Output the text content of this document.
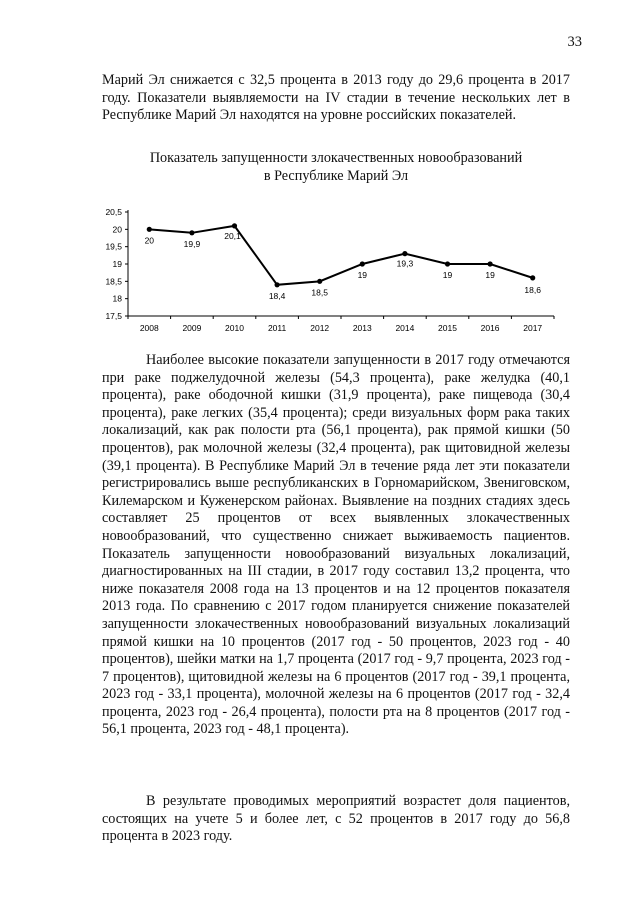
33

Марий Эл снижается с 32,5 процента в 2013 году до 29,6 процента в 2017 году. Показатели выявляемости на IV стадии в течение нескольких лет в Республике Марий Эл находятся на уровне российских показателей.

Показатель запущенности злокачественных новообразований
в Республике Марий Эл
17,5
18
18,5
19
19,5
20
20,5
2008	2009	2010	2011	2012	2013	2014	2015	2016	2017
20	19,9
20,1
18,4	18,5
19
19,3
19	19
18,6

Наиболее высокие показатели запущенности в 2017 году отмечаются при раке поджелудочной железы (54,3 процента), раке желудка (40,1 процента), раке ободочной кишки (31,9 процента), раке пищевода (30,4 процента), раке легких (35,4 процента); среди визуальных форм рака таких локализаций, как рак полости рта (56,1 процента), рак прямой кишки (50 процентов), рак молочной железы (32,4 процента), рак щитовидной железы (39,1 процента). В Республике Марий Эл в течение ряда лет эти показатели регистрировались выше республиканских в Горномарийском, Звениговском, Килемарском и Куженерском районах. Выявление на поздних стадиях здесь составляет 25 процентов от всех выявленных злокачественных новообразований, что существенно снижает выживаемость пациентов. Показатель запущенности новообразований визуальных локализаций, диагностированных на III стадии, в 2017 году составил 13,2 процента, что ниже показателя 2008 года на 13 процентов и на 12 процентов показателя 2013 года. По сравнению с 2017 годом планируется снижение показателей запущенности злокачественных новообразований визуальных локализаций прямой кишки на 10 процентов (2017 год - 50 процентов, 2023 год - 40 процентов), шейки матки на 1,7 процента (2017 год - 9,7 процента, 2023 год - 7 процентов), щитовидной железы на 6 процентов (2017 год - 39,1 процента, 2023 год - 33,1 процента), молочной железы на 6 процентов (2017 год - 32,4 процента, 2023 год - 26,4 процента), полости рта на 8 процентов (2017 год - 56,1 процента, 2023 год - 48,1 процента).

В результате проводимых мероприятий возрастет доля пациентов, состоящих на учете 5 и более лет, с 52 процентов в 2017 году до 56,8 процента в 2023 году.
